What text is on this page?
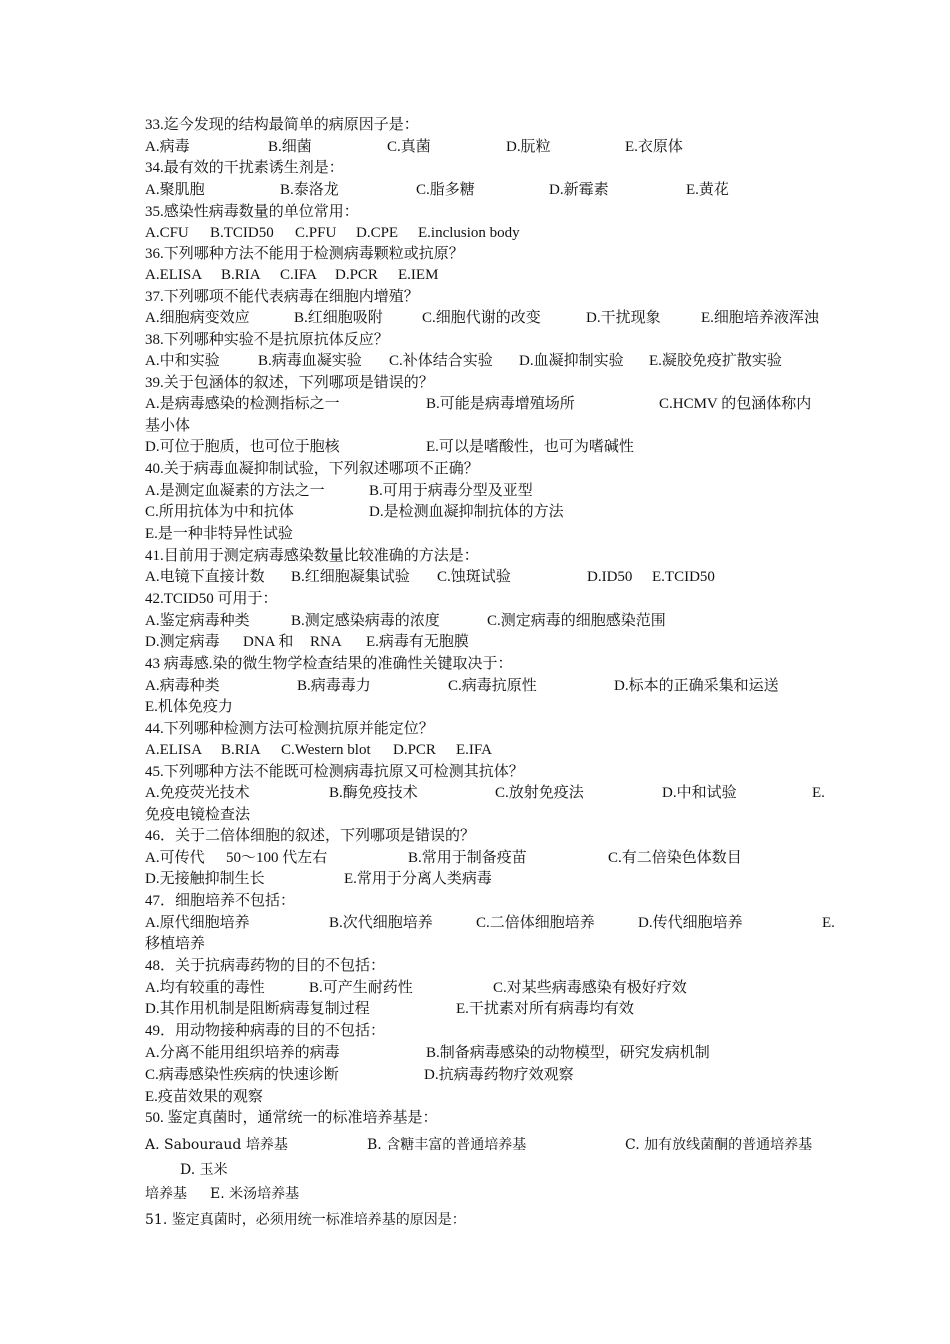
33.迄今发现的结构最简单的病原因子是：
A.病毒	B.细菌	C.真菌	D.朊粒	E.衣原体
34.最有效的干扰素诱生剂是：
A.聚肌胞	B.泰洛龙	C.脂多糖	D.新霉素	E.黄花
35.感染性病毒数量的单位常用：
A.CFU B.TCID50 C.PFU D.CPE E.inclusion body
36.下列哪种方法不能用于检测病毒颗粒或抗原？
A.ELISA B.RIA C.IFA D.PCR E.IEM
37.下列哪项不能代表病毒在细胞内增殖？
A.细胞病变效应	B.红细胞吸附	C.细胞代谢的改变	D.干扰现象	E.细胞培养液浑浊
38.下列哪种实验不是抗原抗体反应？
A.中和实验	B.病毒血凝实验 C.补体结合实验 D.血凝抑制实验 E.凝胶免疫扩散实验
39.关于包涵体的叙述，下列哪项是错误的？
A.是病毒感染的检测指标之一	B.可能是病毒增殖场所	C.HCMV 的包涵体称内
基小体
D.可位于胞质，也可位于胞核	E.可以是嗜酸性，也可为嗜碱性
40.关于病毒血凝抑制试验，下列叙述哪项不正确？
A.是测定血凝素的方法之一	B.可用于病毒分型及亚型
C.所用抗体为中和抗体	D.是检测血凝抑制抗体的方法
E.是一种非特异性试验
41.目前用于测定病毒感染数量比较准确的方法是：
A.电镜下直接计数 B.红细胞凝集试验 C.蚀斑试验	D.ID50 E.TCID50
42.TCID50 可用于：
A.鉴定病毒种类	B.测定感染病毒的浓度	C.测定病毒的细胞感染范围
D.测定病毒 DNA 和 RNA E.病毒有无胞膜
43 病毒感.染的微生物学检查结果的准确性关键取决于：
A.病毒种类	B.病毒毒力	C.病毒抗原性	D.标本的正确采集和运送
E.机体免疫力
44.下列哪种检测方法可检测抗原并能定位？
A.ELISA B.RIA C.Western blot D.PCR E.IFA
45.下列哪种方法不能既可检测病毒抗原又可检测其抗体？
A.免疫荧光技术	B.酶免疫技术	C.放射免疫法	D.中和试验	E.
免疫电镜检查法
46．关于二倍体细胞的叙述，下列哪项是错误的？
A.可传代 50～100 代左右	B.常用于制备疫苗	C.有二倍染色体数目
D.无接触抑制生长	E.常用于分离人类病毒
47．细胞培养不包括：
A.原代细胞培养	B.次代细胞培养	C.二倍体细胞培养	D.传代细胞培养	E.
移植培养
48．关于抗病毒药物的目的不包括：
A.均有较重的毒性	B.可产生耐药性	C.对某些病毒感染有极好疗效
D.其作用机制是阻断病毒复制过程	E.干扰素对所有病毒均有效
49．用动物接种病毒的目的不包括：
A.分离不能用组织培养的病毒	B.制备病毒感染的动物模型，研究发病机制
C.病毒感染性疾病的快速诊断	D.抗病毒药物疗效观察
E.疫苗效果的观察
50. 鉴定真菌时，通常统一的标准培养基是：
A. Sabouraud 培养基	B. 含糖丰富的普通培养基	C. 加有放线菌酮的普通培养基
D. 玉米
培养基 E. 米汤培养基
51. 鉴定真菌时，必须用统一标准培养基的原因是：
